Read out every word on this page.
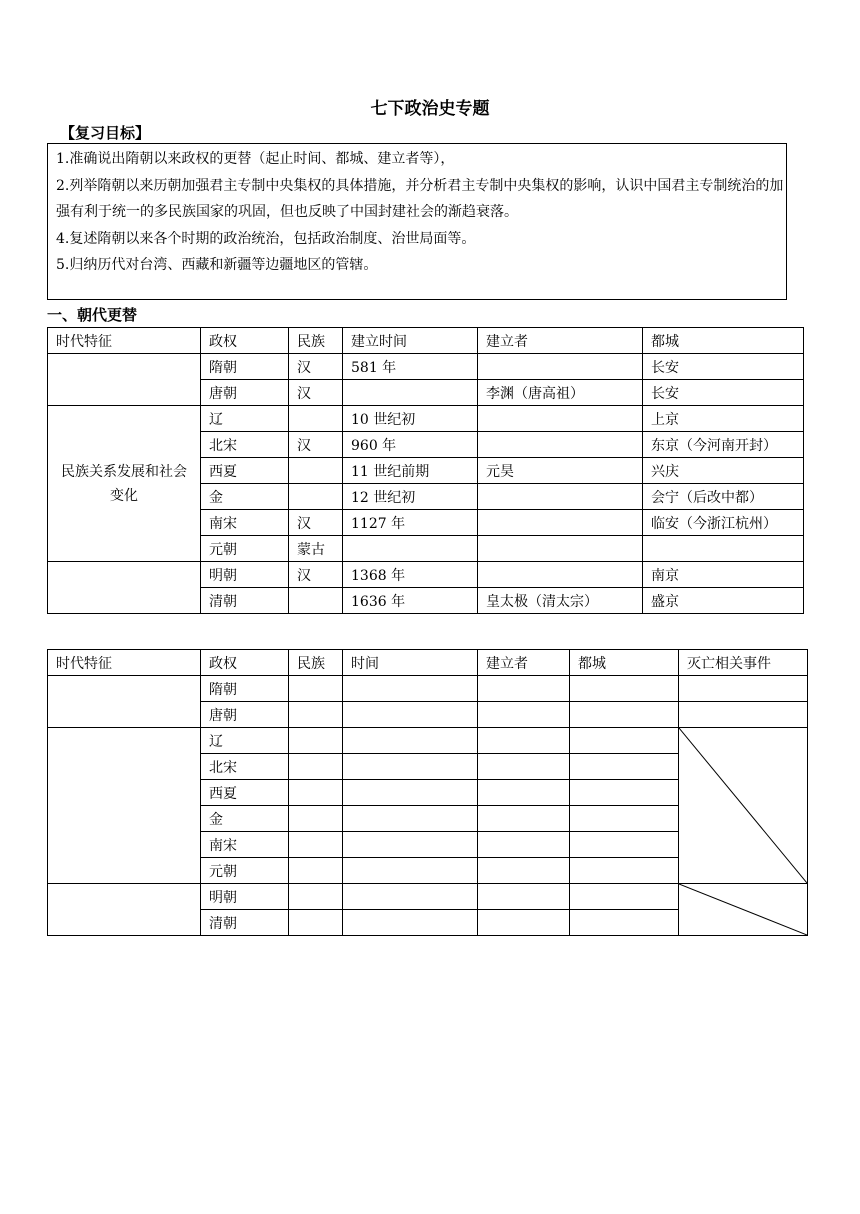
七下政治史专题
【复习目标】
1.准确说出隋朝以来政权的更替（起止时间、都城、建立者等），
2.列举隋朝以来历朝加强君主专制中央集权的具体措施，并分析君主专制中央集权的影响，认识中国君主专制统治的加强有利于统一的多民族国家的巩固，但也反映了中国封建社会的渐趋衰落。
4.复述隋朝以来各个时期的政治统治，包括政治制度、治世局面等。
5.归纳历代对台湾、西藏和新疆等边疆地区的管辖。
一、朝代更替
时代特征	政权	民族	建立时间	建立者	都城
	隋朝	汉	581 年		长安
	唐朝	汉		李渊（唐高祖）	长安
民族关系发展和社会变化	辽		10 世纪初		上京
	北宋	汉	960 年		东京（今河南开封）
	西夏		11 世纪前期	元昊	兴庆
	金		12 世纪初		会宁（后改中都）
	南宋	汉	1127 年		临安（今浙江杭州）
	元朝	蒙古			
	明朝	汉	1368 年		南京
	清朝		1636 年	皇太极（清太宗）	盛京
时代特征	政权	民族	时间	建立者	都城	灭亡相关事件
	隋朝					
	唐朝					
	辽					

	北宋					
	西夏					
	金					
	南宋					
	元朝					
	明朝					

	清朝					
